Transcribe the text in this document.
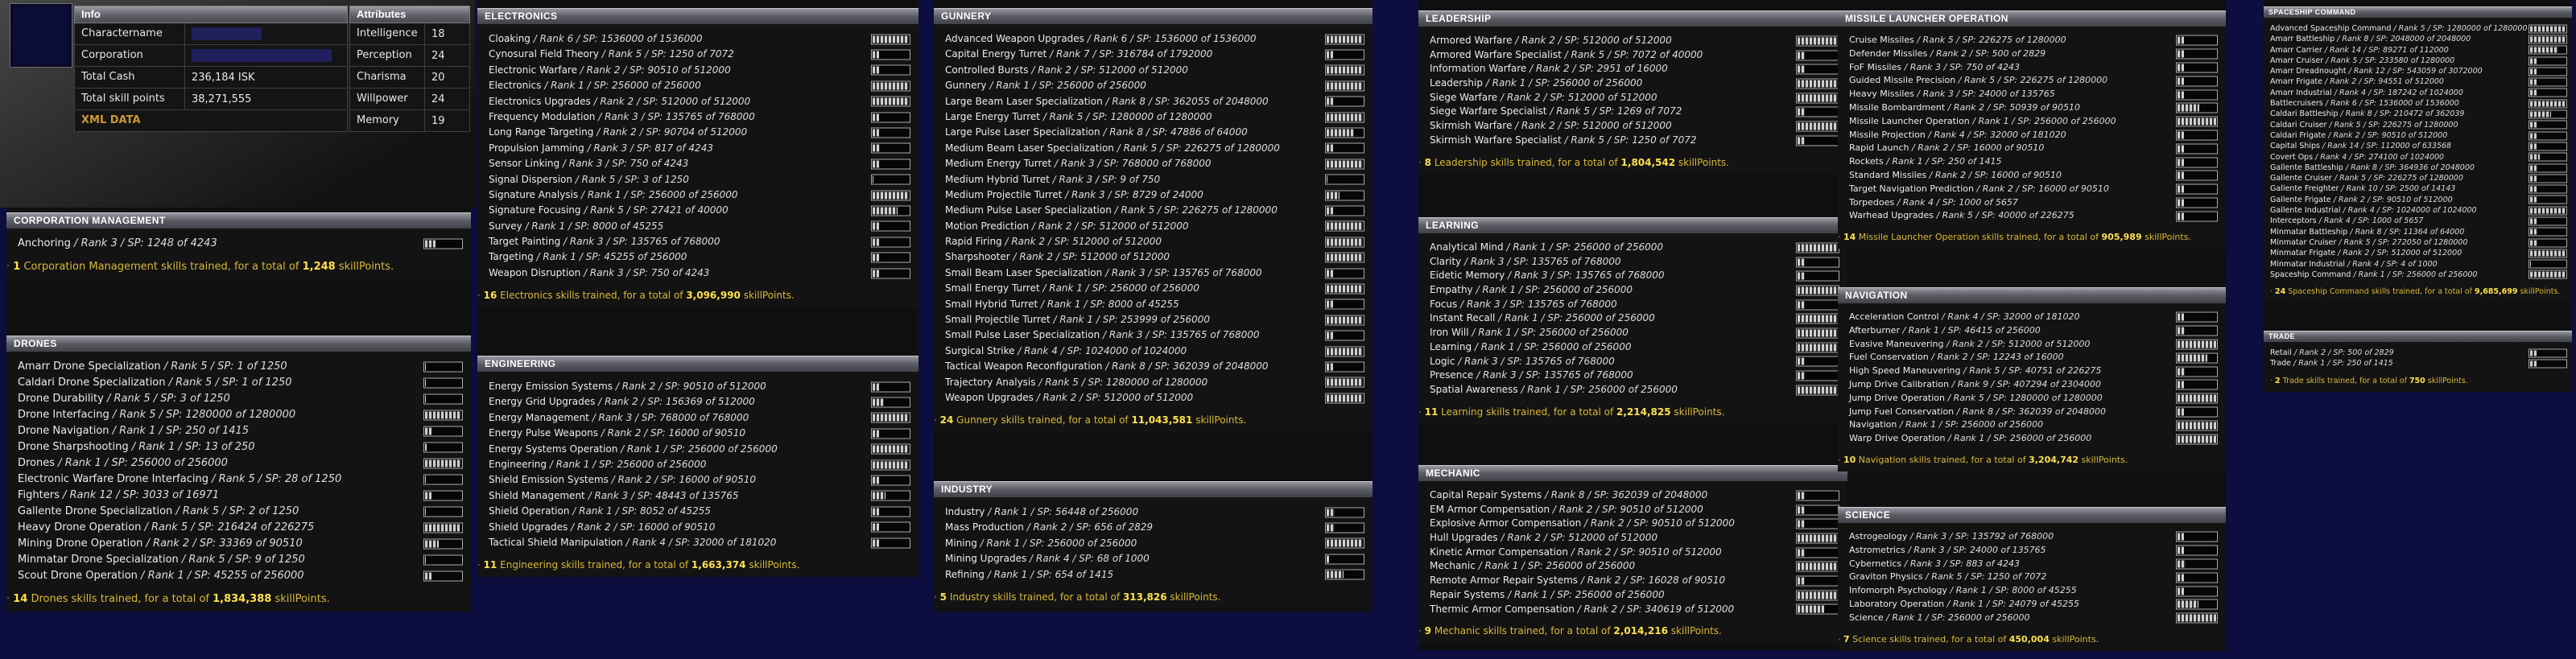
Info
Charactername
Corporation
Total Cash	236,184 ISK
Total skill points	38,271,555
XML DATA
Attributes
Intelligence	18
Perception	24
Charisma	20
Willpower	24
Memory	19
CORPORATION MANAGEMENT
Anchoring / Rank 3 / SP: 1248 of 4243
· 1 Corporation Management skills trained, for a total of 1,248 skillPoints.
DRONES
Amarr Drone Specialization / Rank 5 / SP: 1 of 1250
Caldari Drone Specialization / Rank 5 / SP: 1 of 1250
Drone Durability / Rank 5 / SP: 3 of 1250
Drone Interfacing / Rank 5 / SP: 1280000 of 1280000
Drone Navigation / Rank 1 / SP: 250 of 1415
Drone Sharpshooting / Rank 1 / SP: 13 of 250
Drones / Rank 1 / SP: 256000 of 256000
Electronic Warfare Drone Interfacing / Rank 5 / SP: 28 of 1250
Fighters / Rank 12 / SP: 3033 of 16971
Gallente Drone Specialization / Rank 5 / SP: 2 of 1250
Heavy Drone Operation / Rank 5 / SP: 216424 of 226275
Mining Drone Operation / Rank 2 / SP: 33369 of 90510
Minmatar Drone Specialization / Rank 5 / SP: 9 of 1250
Scout Drone Operation / Rank 1 / SP: 45255 of 256000
· 14 Drones skills trained, for a total of 1,834,388 skillPoints.
ELECTRONICS
Cloaking / Rank 6 / SP: 1536000 of 1536000
Cynosural Field Theory / Rank 5 / SP: 1250 of 7072
Electronic Warfare / Rank 2 / SP: 90510 of 512000
Electronics / Rank 1 / SP: 256000 of 256000
Electronics Upgrades / Rank 2 / SP: 512000 of 512000
Frequency Modulation / Rank 3 / SP: 135765 of 768000
Long Range Targeting / Rank 2 / SP: 90704 of 512000
Propulsion Jamming / Rank 3 / SP: 817 of 4243
Sensor Linking / Rank 3 / SP: 750 of 4243
Signal Dispersion / Rank 5 / SP: 3 of 1250
Signature Analysis / Rank 1 / SP: 256000 of 256000
Signature Focusing / Rank 5 / SP: 27421 of 40000
Survey / Rank 1 / SP: 8000 of 45255
Target Painting / Rank 3 / SP: 135765 of 768000
Targeting / Rank 1 / SP: 45255 of 256000
Weapon Disruption / Rank 3 / SP: 750 of 4243
· 16 Electronics skills trained, for a total of 3,096,990 skillPoints.
ENGINEERING
Energy Emission Systems / Rank 2 / SP: 90510 of 512000
Energy Grid Upgrades / Rank 2 / SP: 156369 of 512000
Energy Management / Rank 3 / SP: 768000 of 768000
Energy Pulse Weapons / Rank 2 / SP: 16000 of 90510
Energy Systems Operation / Rank 1 / SP: 256000 of 256000
Engineering / Rank 1 / SP: 256000 of 256000
Shield Emission Systems / Rank 2 / SP: 16000 of 90510
Shield Management / Rank 3 / SP: 48443 of 135765
Shield Operation / Rank 1 / SP: 8052 of 45255
Shield Upgrades / Rank 2 / SP: 16000 of 90510
Tactical Shield Manipulation / Rank 4 / SP: 32000 of 181020
· 11 Engineering skills trained, for a total of 1,663,374 skillPoints.
GUNNERY
Advanced Weapon Upgrades / Rank 6 / SP: 1536000 of 1536000
Capital Energy Turret / Rank 7 / SP: 316784 of 1792000
Controlled Bursts / Rank 2 / SP: 512000 of 512000
Gunnery / Rank 1 / SP: 256000 of 256000
Large Beam Laser Specialization / Rank 8 / SP: 362055 of 2048000
Large Energy Turret / Rank 5 / SP: 1280000 of 1280000
Large Pulse Laser Specialization / Rank 8 / SP: 47886 of 64000
Medium Beam Laser Specialization / Rank 5 / SP: 226275 of 1280000
Medium Energy Turret / Rank 3 / SP: 768000 of 768000
Medium Hybrid Turret / Rank 3 / SP: 9 of 750
Medium Projectile Turret / Rank 3 / SP: 8729 of 24000
Medium Pulse Laser Specialization / Rank 5 / SP: 226275 of 1280000
Motion Prediction / Rank 2 / SP: 512000 of 512000
Rapid Firing / Rank 2 / SP: 512000 of 512000
Sharpshooter / Rank 2 / SP: 512000 of 512000
Small Beam Laser Specialization / Rank 3 / SP: 135765 of 768000
Small Energy Turret / Rank 1 / SP: 256000 of 256000
Small Hybrid Turret / Rank 1 / SP: 8000 of 45255
Small Projectile Turret / Rank 1 / SP: 253999 of 256000
Small Pulse Laser Specialization / Rank 3 / SP: 135765 of 768000
Surgical Strike / Rank 4 / SP: 1024000 of 1024000
Tactical Weapon Reconfiguration / Rank 8 / SP: 362039 of 2048000
Trajectory Analysis / Rank 5 / SP: 1280000 of 1280000
Weapon Upgrades / Rank 2 / SP: 512000 of 512000
· 24 Gunnery skills trained, for a total of 11,043,581 skillPoints.
INDUSTRY
Industry / Rank 1 / SP: 56448 of 256000
Mass Production / Rank 2 / SP: 656 of 2829
Mining / Rank 1 / SP: 256000 of 256000
Mining Upgrades / Rank 4 / SP: 68 of 1000
Refining / Rank 1 / SP: 654 of 1415
· 5 Industry skills trained, for a total of 313,826 skillPoints.
LEADERSHIP
Armored Warfare / Rank 2 / SP: 512000 of 512000
Armored Warfare Specialist / Rank 5 / SP: 7072 of 40000
Information Warfare / Rank 2 / SP: 2951 of 16000
Leadership / Rank 1 / SP: 256000 of 256000
Siege Warfare / Rank 2 / SP: 512000 of 512000
Siege Warfare Specialist / Rank 5 / SP: 1269 of 7072
Skirmish Warfare / Rank 2 / SP: 512000 of 512000
Skirmish Warfare Specialist / Rank 5 / SP: 1250 of 7072
· 8 Leadership skills trained, for a total of 1,804,542 skillPoints.
LEARNING
Analytical Mind / Rank 1 / SP: 256000 of 256000
Clarity / Rank 3 / SP: 135765 of 768000
Eidetic Memory / Rank 3 / SP: 135765 of 768000
Empathy / Rank 1 / SP: 256000 of 256000
Focus / Rank 3 / SP: 135765 of 768000
Instant Recall / Rank 1 / SP: 256000 of 256000
Iron Will / Rank 1 / SP: 256000 of 256000
Learning / Rank 1 / SP: 256000 of 256000
Logic / Rank 3 / SP: 135765 of 768000
Presence / Rank 3 / SP: 135765 of 768000
Spatial Awareness / Rank 1 / SP: 256000 of 256000
· 11 Learning skills trained, for a total of 2,214,825 skillPoints.
MECHANIC
Capital Repair Systems / Rank 8 / SP: 362039 of 2048000
EM Armor Compensation / Rank 2 / SP: 90510 of 512000
Explosive Armor Compensation / Rank 2 / SP: 90510 of 512000
Hull Upgrades / Rank 2 / SP: 512000 of 512000
Kinetic Armor Compensation / Rank 2 / SP: 90510 of 512000
Mechanic / Rank 1 / SP: 256000 of 256000
Remote Armor Repair Systems / Rank 2 / SP: 16028 of 90510
Repair Systems / Rank 1 / SP: 256000 of 256000
Thermic Armor Compensation / Rank 2 / SP: 340619 of 512000
· 9 Mechanic skills trained, for a total of 2,014,216 skillPoints.
MISSILE LAUNCHER OPERATION
Cruise Missiles / Rank 5 / SP: 226275 of 1280000
Defender Missiles / Rank 2 / SP: 500 of 2829
FoF Missiles / Rank 3 / SP: 750 of 4243
Guided Missile Precision / Rank 5 / SP: 226275 of 1280000
Heavy Missiles / Rank 3 / SP: 24000 of 135765
Missile Bombardment / Rank 2 / SP: 50939 of 90510
Missile Launcher Operation / Rank 1 / SP: 256000 of 256000
Missile Projection / Rank 4 / SP: 32000 of 181020
Rapid Launch / Rank 2 / SP: 16000 of 90510
Rockets / Rank 1 / SP: 250 of 1415
Standard Missiles / Rank 2 / SP: 16000 of 90510
Target Navigation Prediction / Rank 2 / SP: 16000 of 90510
Torpedoes / Rank 4 / SP: 1000 of 5657
Warhead Upgrades / Rank 5 / SP: 40000 of 226275
· 14 Missile Launcher Operation skills trained, for a total of 905,989 skillPoints.
NAVIGATION
Acceleration Control / Rank 4 / SP: 32000 of 181020
Afterburner / Rank 1 / SP: 46415 of 256000
Evasive Maneuvering / Rank 2 / SP: 512000 of 512000
Fuel Conservation / Rank 2 / SP: 12243 of 16000
High Speed Maneuvering / Rank 5 / SP: 40751 of 226275
Jump Drive Calibration / Rank 9 / SP: 407294 of 2304000
Jump Drive Operation / Rank 5 / SP: 1280000 of 1280000
Jump Fuel Conservation / Rank 8 / SP: 362039 of 2048000
Navigation / Rank 1 / SP: 256000 of 256000
Warp Drive Operation / Rank 1 / SP: 256000 of 256000
· 10 Navigation skills trained, for a total of 3,204,742 skillPoints.
SCIENCE
Astrogeology / Rank 3 / SP: 135792 of 768000
Astrometrics / Rank 3 / SP: 24000 of 135765
Cybernetics / Rank 3 / SP: 883 of 4243
Graviton Physics / Rank 5 / SP: 1250 of 7072
Infomorph Psychology / Rank 1 / SP: 8000 of 45255
Laboratory Operation / Rank 1 / SP: 24079 of 45255
Science / Rank 1 / SP: 256000 of 256000
· 7 Science skills trained, for a total of 450,004 skillPoints.
SPACESHIP COMMAND
Advanced Spaceship Command / Rank 5 / SP: 1280000 of 1280000
Amarr Battleship / Rank 8 / SP: 2048000 of 2048000
Amarr Carrier / Rank 14 / SP: 89271 of 112000
Amarr Cruiser / Rank 5 / SP: 233580 of 1280000
Amarr Dreadnought / Rank 12 / SP: 543059 of 3072000
Amarr Frigate / Rank 2 / SP: 94551 of 512000
Amarr Industrial / Rank 4 / SP: 187242 of 1024000
Battlecruisers / Rank 6 / SP: 1536000 of 1536000
Caldari Battleship / Rank 8 / SP: 210472 of 362039
Caldari Cruiser / Rank 5 / SP: 226275 of 1280000
Caldari Frigate / Rank 2 / SP: 90510 of 512000
Capital Ships / Rank 14 / SP: 112000 of 633568
Covert Ops / Rank 4 / SP: 274100 of 1024000
Gallente Battleship / Rank 8 / SP: 364936 of 2048000
Gallente Cruiser / Rank 5 / SP: 226275 of 1280000
Gallente Freighter / Rank 10 / SP: 2500 of 14143
Gallente Frigate / Rank 2 / SP: 90510 of 512000
Gallente Industrial / Rank 4 / SP: 1024000 of 1024000
Interceptors / Rank 4 / SP: 1000 of 5657
Minmatar Battleship / Rank 8 / SP: 11364 of 64000
Minmatar Cruiser / Rank 5 / SP: 272050 of 1280000
Minmatar Frigate / Rank 2 / SP: 512000 of 512000
Minmatar Industrial / Rank 4 / SP: 4 of 1000
Spaceship Command / Rank 1 / SP: 256000 of 256000
· 24 Spaceship Command skills trained, for a total of 9,685,699 skillPoints.
TRADE
Retail / Rank 2 / SP: 500 of 2829
Trade / Rank 1 / SP: 250 of 1415
· 2 Trade skills trained, for a total of 750 skillPoints.
